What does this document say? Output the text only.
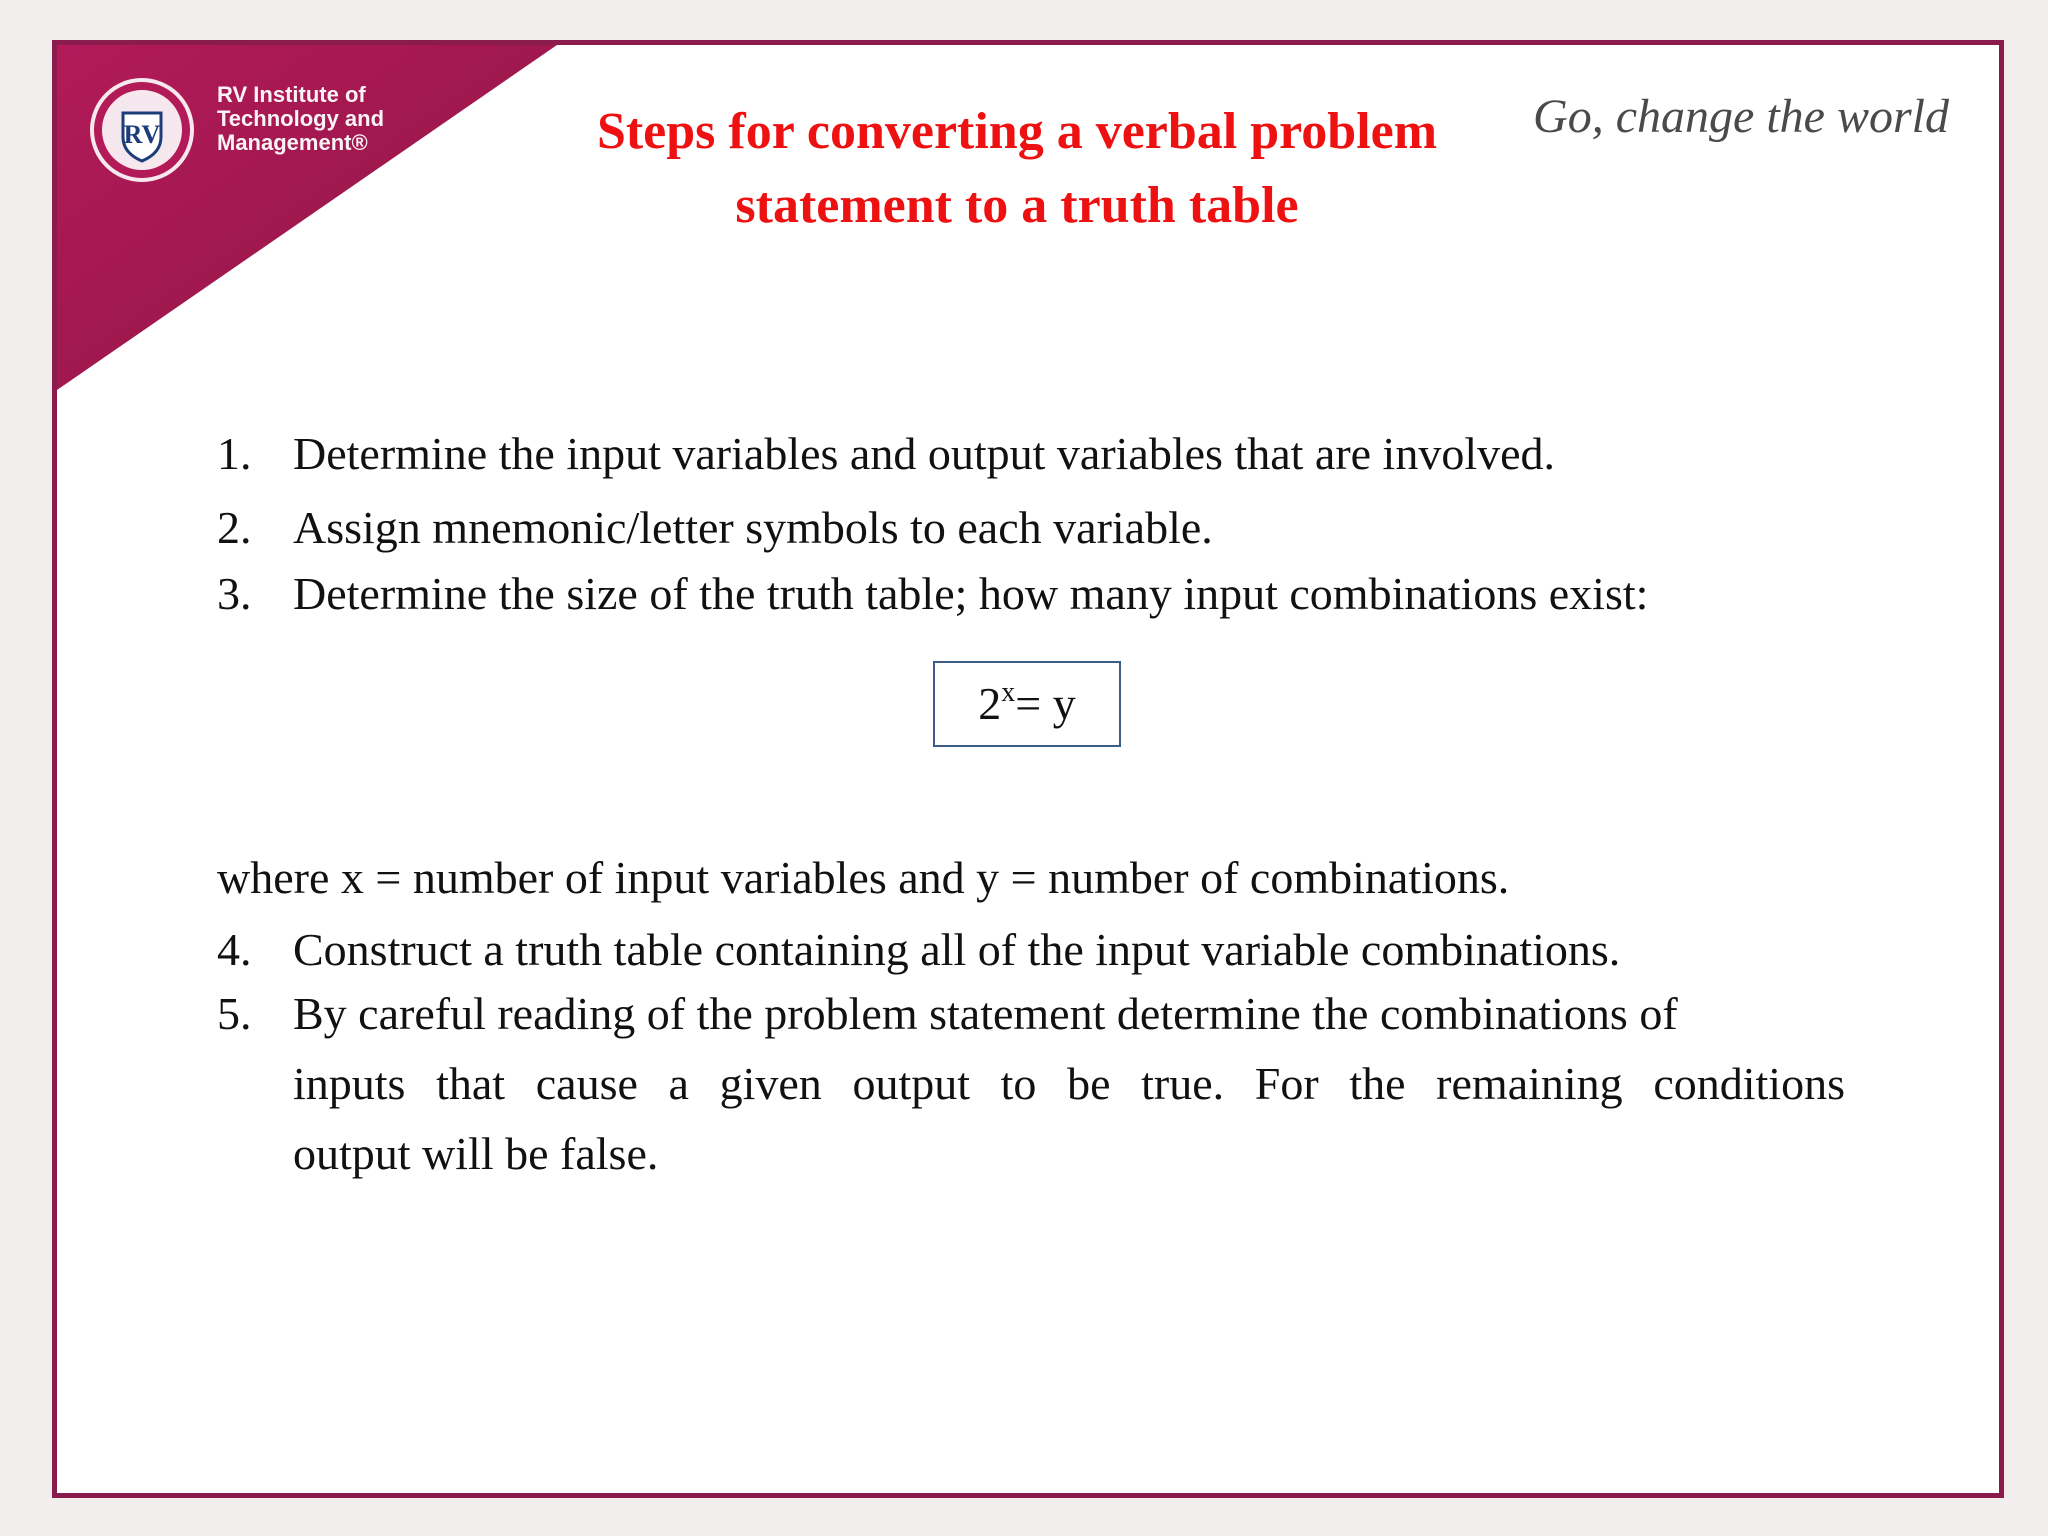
RV
RV Institute of
Technology and
Management®	Go, change the world
Steps for converting a verbal problem
statement to a truth table
1. Determine the input variables and output variables that are involved.
2. Assign mnemonic/letter symbols to each variable.
3. Determine the size of the truth table; how many input combinations exist:
$2^x= y$
where x = number of input variables and y = number of combinations.
4. Construct a truth table containing all of the input variable combinations.
5. By careful reading of the problem statement determine the combinations of
inputs that cause a given output to be true. For the remaining conditions
output will be false.
